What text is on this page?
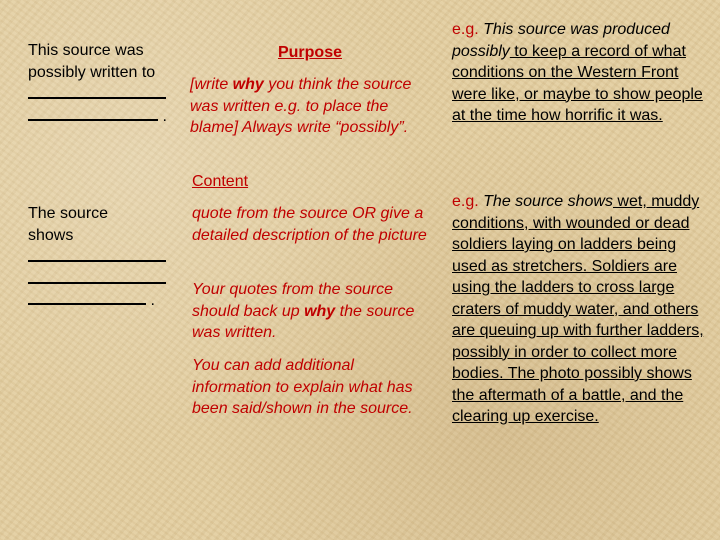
This source was
possibly written to
.
The source
shows
.
Purpose
[write why you think the source was written e.g. to place the blame] Always write “possibly”.
Content
quote from the source OR give a detailed description of the picture
Your quotes from the source should back up why the source was written.
You can add additional information to explain what has been said/shown in the source.
e.g. This source was produced possibly to keep a record of what conditions on the Western Front were like, or maybe to show people at the time how horrific it was.
e.g. The source shows wet, muddy conditions, with wounded or dead soldiers laying on ladders being used as stretchers. Soldiers are using the ladders to cross large craters of muddy water, and others are queuing up with further ladders, possibly in order to collect more bodies. The photo possibly shows the aftermath of a battle, and the clearing up exercise.
